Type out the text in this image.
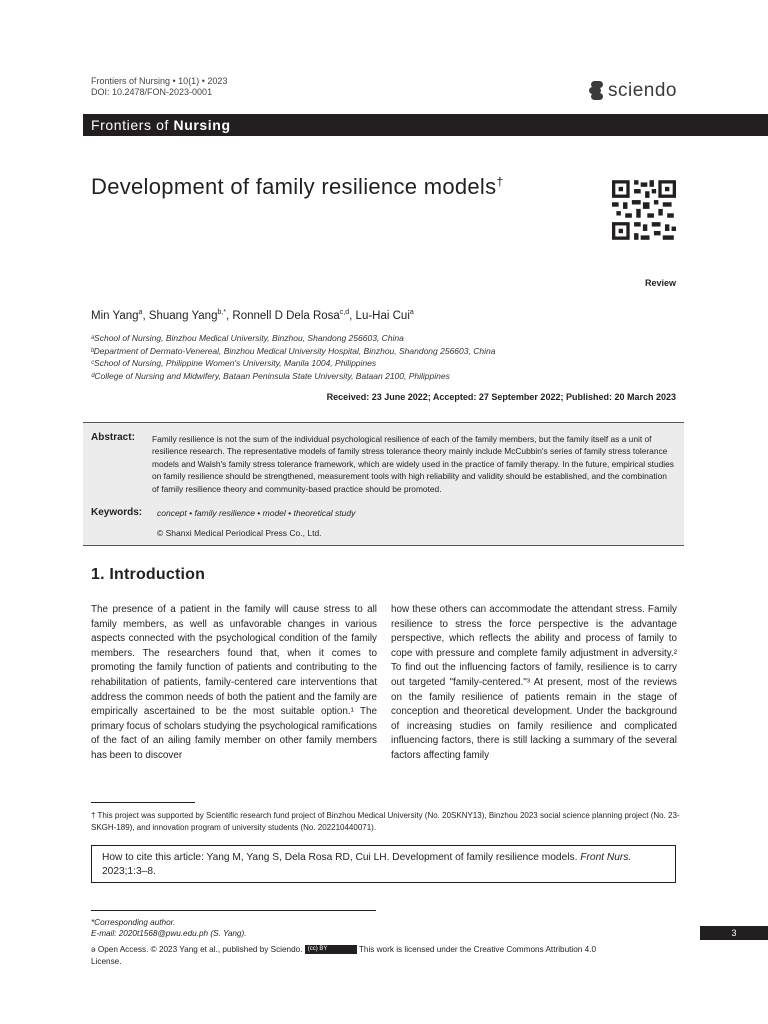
Frontiers of Nursing • 10(1) • 2023
DOI: 10.2478/FON-2023-0001	sciendo
Frontiers of Nursing
Development of family resilience models†
Review
Min Yang$^a$, Shuang Yang$^{b,*}$, Ronnell D Dela Rosa$^{c,d}$, Lu-Hai Cui$^a$
ᵃSchool of Nursing, Binzhou Medical University, Binzhou, Shandong 256603, China
ᵇDepartment of Dermato-Venereal, Binzhou Medical University Hospital, Binzhou, Shandong 256603, China
ᶜSchool of Nursing, Philippine Women's University, Manila 1004, Philippines
ᵈCollege of Nursing and Midwifery, Bataan Peninsula State University, Bataan 2100, Philippines
Received: 23 June 2022; Accepted: 27 September 2022; Published: 20 March 2023
Abstract: Family resilience is not the sum of the individual psychological resilience of each of the family members, but the family itself as a unit of resilience research. The representative models of family stress tolerance theory mainly include McCubbin's series of family stress tolerance models and Walsh's family stress tolerance framework, which are widely used in the practice of family therapy. In the future, empirical studies on family resilience should be strengthened, measurement tools with high reliability and validity should be established, and the combination of family resilience theory and community-based practice should be promoted.
Keywords: concept • family resilience • model • theoretical study
© Shanxi Medical Periodical Press Co., Ltd.
1. Introduction
The presence of a patient in the family will cause stress to all family members, as well as unfavorable changes in various aspects connected with the psychological condition of the family members. The researchers found that, when it comes to promoting the family function of patients and contributing to the rehabilitation of patients, family-centered care interventions that address the common needs of both the patient and the family are empirically ascertained to be the most suitable option.¹ The primary focus of scholars studying the psychological ramifications of the fact of an ailing family member on other family members has been to discover
how these others can accommodate the attendant stress. Family resilience to stress the force perspective is the advantage perspective, which reflects the ability and process of family to cope with pressure and complete family adjustment in adversity.² To find out the influencing factors of family, resilience is to carry out targeted "family-centered."³ At present, most of the reviews on the family resilience of patients remain in the stage of conception and theoretical development. Under the background of increasing studies on family resilience and complicated influencing factors, there is still lacking a summary of the several factors affecting family
† This project was supported by Scientific research fund project of Binzhou Medical University (No. 20SKNY13), Binzhou 2023 social science planning project (No. 23-SKGH-189), and innovation program of university students (No. 202210440071).
How to cite this article: Yang M, Yang S, Dela Rosa RD, Cui LH. Development of family resilience models. Front Nurs. 2023;1:3–8.
*Corresponding author.
E-mail: 2020t1568@pwu.edu.ph (S. Yang).
ə Open Access. © 2023 Yang et al., published by Sciendo. (cc) BY	This work is licensed under the Creative Commons Attribution 4.0 License.
3
